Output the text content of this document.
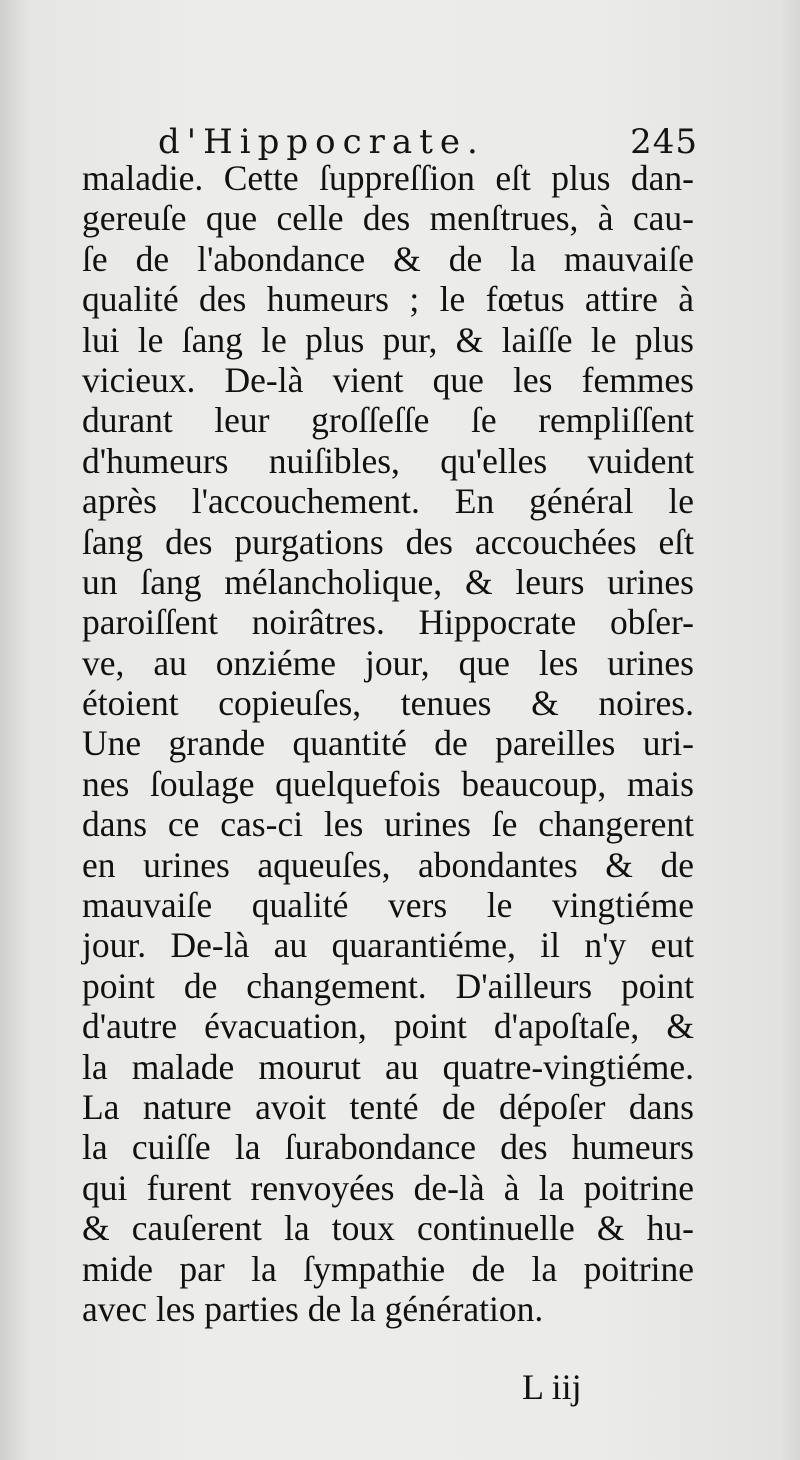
d'Hippocrate.	245
maladie. Cette ſuppreſſion eſt plus dan-
gereuſe que celle des menſtrues, à cau-
ſe de l'abondance & de la mauvaiſe
qualité des humeurs ; le fœtus attire à
lui le ſang le plus pur, & laiſſe le plus
vicieux. De-là vient que les femmes
durant leur groſſeſſe ſe rempliſſent
d'humeurs nuiſibles, qu'elles vuident
après l'accouchement. En général le
ſang des purgations des accouchées eſt
un ſang mélancholique, & leurs urines
paroiſſent noirâtres. Hippocrate obſer-
ve, au onziéme jour, que les urines
étoient copieuſes, tenues & noires.
Une grande quantité de pareilles uri-
nes ſoulage quelquefois beaucoup, mais
dans ce cas-ci les urines ſe changerent
en urines aqueuſes, abondantes & de
mauvaiſe qualité vers le vingtiéme
jour. De-là au quarantiéme, il n'y eut
point de changement. D'ailleurs point
d'autre évacuation, point d'apoſtaſe, &
la malade mourut au quatre-vingtiéme.
La nature avoit tenté de dépoſer dans
la cuiſſe la ſurabondance des humeurs
qui furent renvoyées de-là à la poitrine
& cauſerent la toux continuelle & hu-
mide par la ſympathie de la poitrine
avec les parties de la génération.
L iij
